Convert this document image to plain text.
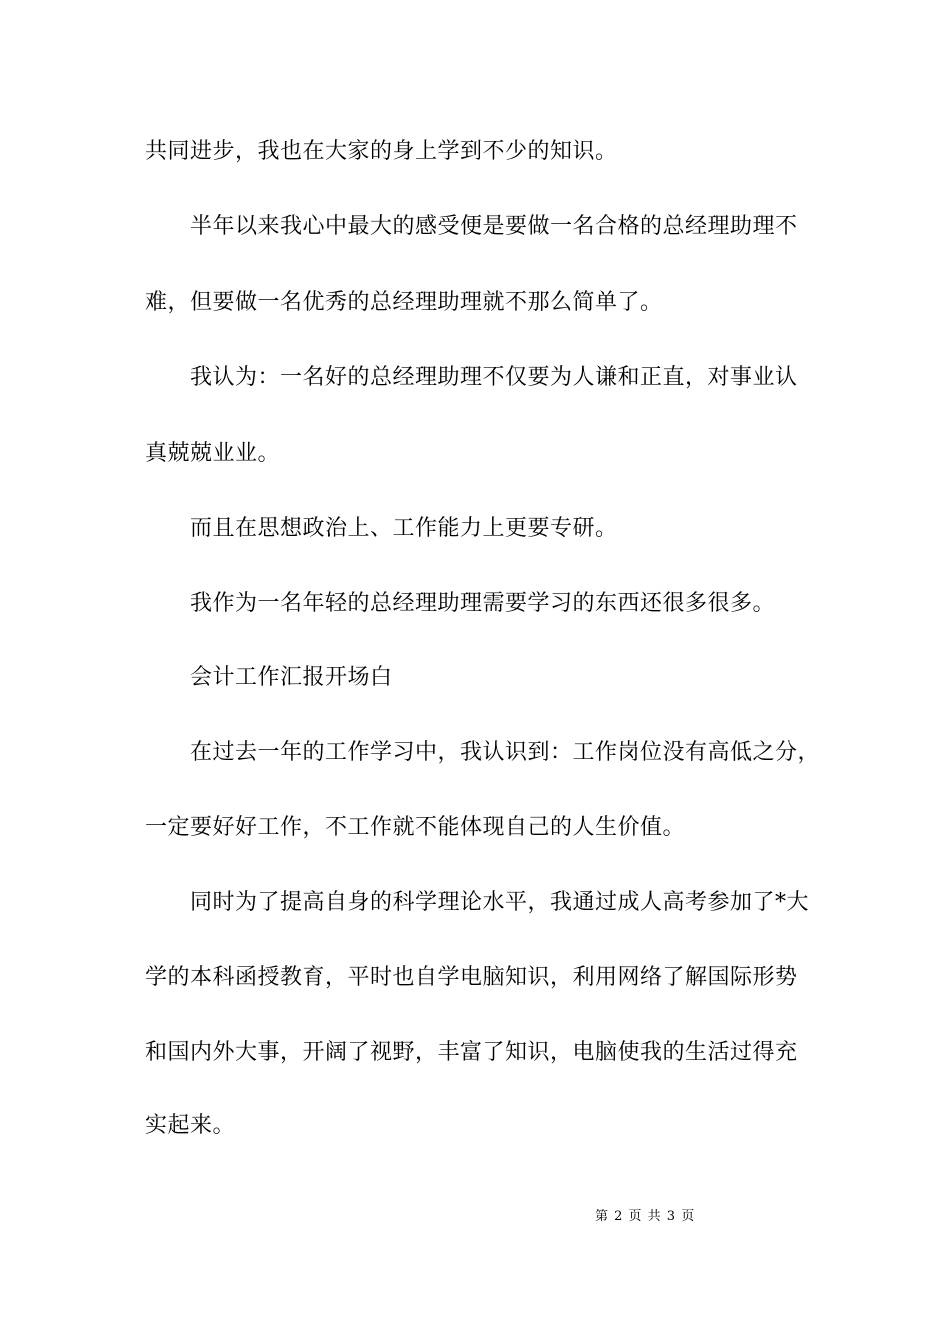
共同进步，我也在大家的身上学到不少的知识。
半年以来我心中最大的感受便是要做一名合格的总经理助理不
难，但要做一名优秀的总经理助理就不那么简单了。
我认为：一名好的总经理助理不仅要为人谦和正直，对事业认
真兢兢业业。
而且在思想政治上、工作能力上更要专研。
我作为一名年轻的总经理助理需要学习的东西还很多很多。
会计工作汇报开场白
在过去一年的工作学习中，我认识到：工作岗位没有高低之分，
一定要好好工作，不工作就不能体现自己的人生价值。
同时为了提高自身的科学理论水平，我通过成人高考参加了*大
学的本科函授教育，平时也自学电脑知识，利用网络了解国际形势
和国内外大事，开阔了视野，丰富了知识，电脑使我的生活过得充
实起来。
第 2 页 共 3 页
